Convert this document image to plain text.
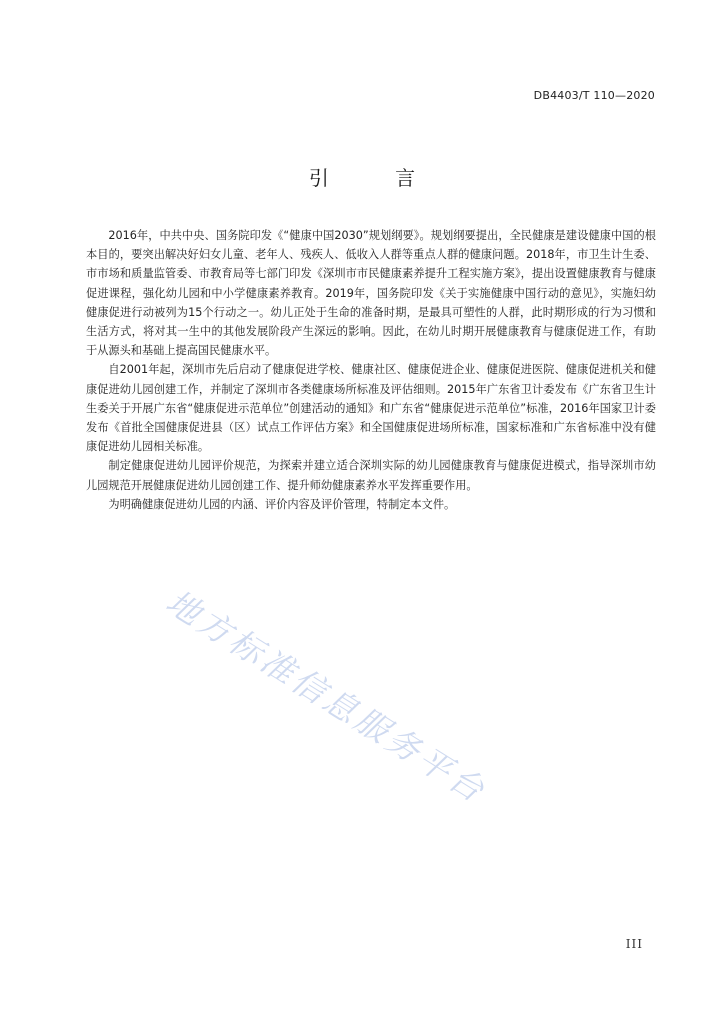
DB4403/T 110—2020
引 言

2016年，中共中央、国务院印发《“健康中国2030”规划纲要》。规划纲要提出，全民健康是建设健康中国的根本目的，要突出解决好妇女儿童、老年人、残疾人、低收入人群等重点人群的健康问题。2018年，市卫生计生委、市市场和质量监管委、市教育局等七部门印发《深圳市市民健康素养提升工程实施方案》，提出设置健康教育与健康促进课程，强化幼儿园和中小学健康素养教育。2019年，国务院印发《关于实施健康中国行动的意见》，实施妇幼健康促进行动被列为15个行动之一。幼儿正处于生命的准备时期，是最具可塑性的人群，此时期形成的行为习惯和生活方式，将对其一生中的其他发展阶段产生深远的影响。因此，在幼儿时期开展健康教育与健康促进工作，有助于从源头和基础上提高国民健康水平。

自2001年起，深圳市先后启动了健康促进学校、健康社区、健康促进企业、健康促进医院、健康促进机关和健康促进幼儿园创建工作，并制定了深圳市各类健康场所标准及评估细则。2015年广东省卫计委发布《广东省卫生计生委关于开展广东省“健康促进示范单位”创建活动的通知》和广东省“健康促进示范单位”标准，2016年国家卫计委发布《首批全国健康促进县（区）试点工作评估方案》和全国健康促进场所标准，国家标准和广东省标准中没有健康促进幼儿园相关标准。

制定健康促进幼儿园评价规范，为探索并建立适合深圳实际的幼儿园健康教育与健康促进模式，指导深圳市幼儿园规范开展健康促进幼儿园创建工作、提升师幼健康素养水平发挥重要作用。

为明确健康促进幼儿园的内涵、评价内容及评价管理，特制定本文件。

地方标准信息服务平台
III
